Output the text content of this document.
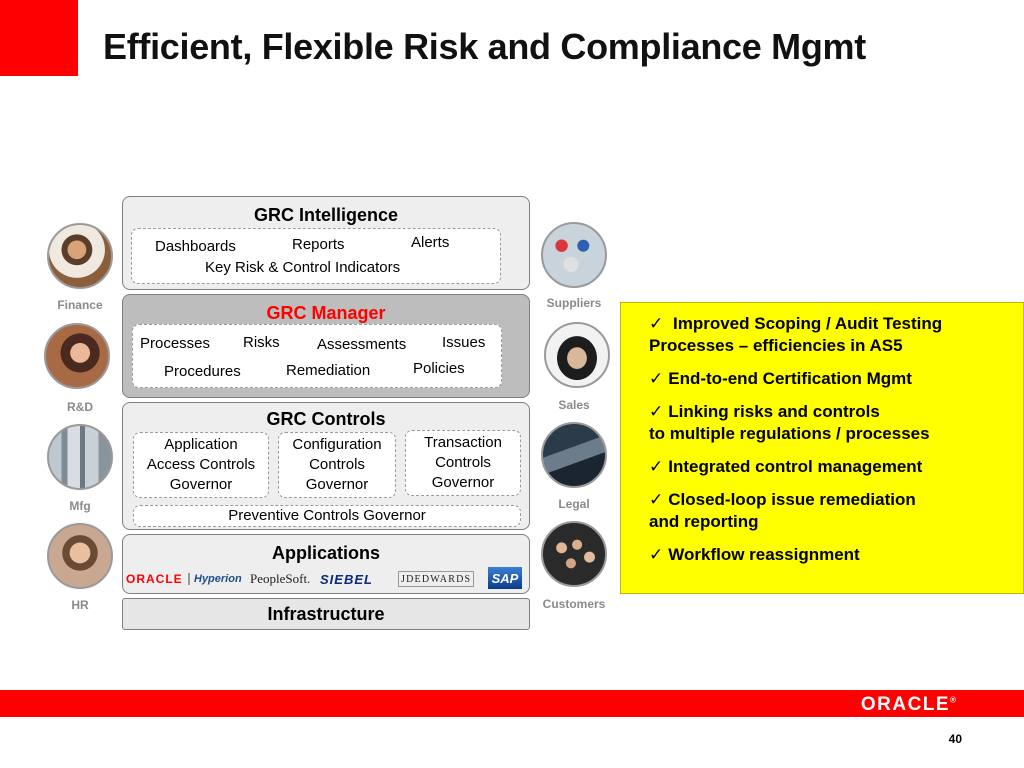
Efficient, Flexible Risk and Compliance Mgmt
GRC Intelligence
Dashboards	Reports	Alerts
Key Risk & Control Indicators
GRC Manager
Processes Risks Assessments Issues
Procedures	Remediation	Policies
GRC Controls
Application
Access Controls
Governor
Configuration
Controls
Governor
Transaction
Controls
Governor
Preventive Controls Governor
Applications
ORACLE Hyperion PeopleSoft. SIEBEL	JDEDWARDS SAP
Infrastructure
Finance
R&D
Mfg
HR
Suppliers
Sales
Legal
Customers
✓ Improved Scoping / Audit Testing
Processes – efficiencies in AS5
✓ End-to-end Certification Mgmt
✓ Linking risks and controls
to multiple regulations / processes
✓ Integrated control management
✓ Closed-loop issue remediation
and reporting
✓ Workflow reassignment
ORACLE®
40
